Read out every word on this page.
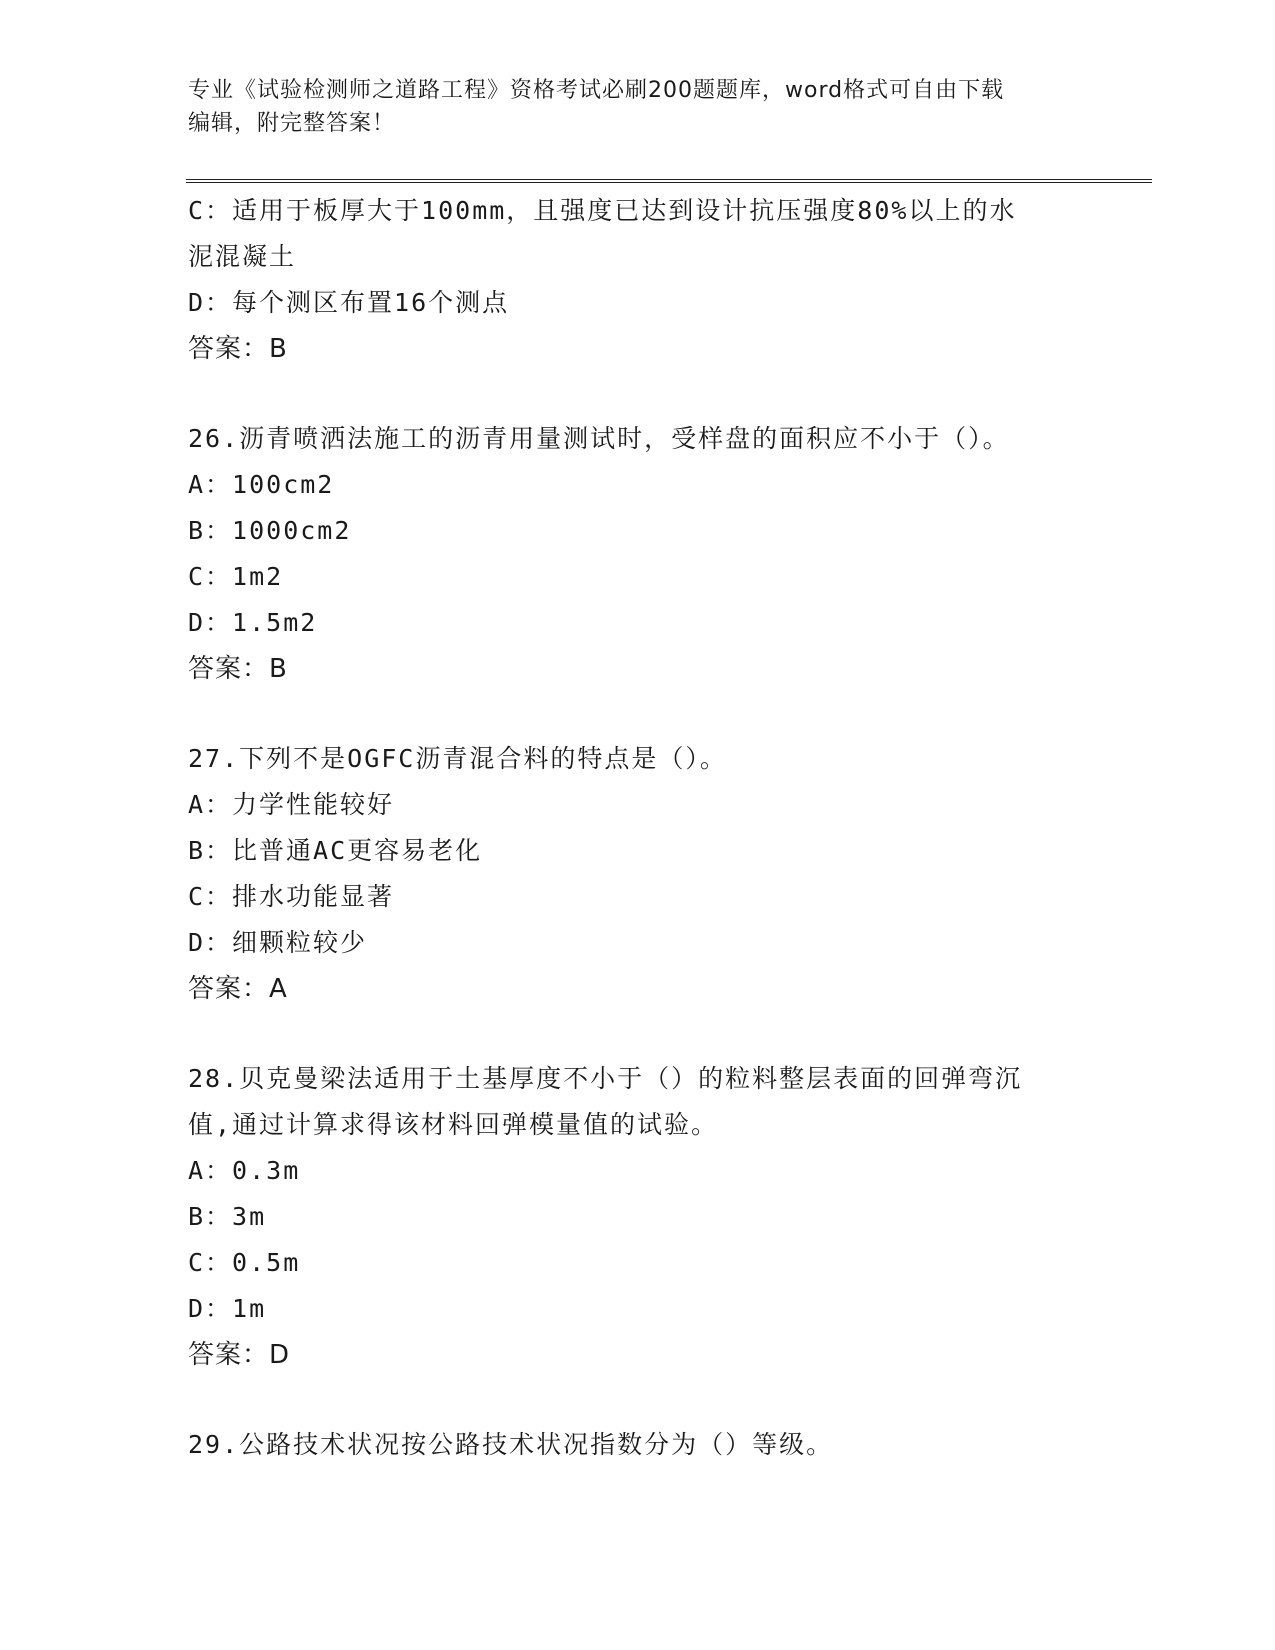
专业《试验检测师之道路工程》资格考试必刷200题题库，word格式可自由下载
编辑，附完整答案！
C：适用于板厚大于100mm，且强度已达到设计抗压强度80%以上的水
泥混凝土
D：每个测区布置16个测点
答案：B
26.沥青喷洒法施工的沥青用量测试时，受样盘的面积应不小于（）。
A：100cm2
B：1000cm2
C：1m2
D：1.5m2
答案：B
27.下列不是OGFC沥青混合料的特点是（）。
A：力学性能较好
B：比普通AC更容易老化
C：排水功能显著
D：细颗粒较少
答案：A
28.贝克曼梁法适用于土基厚度不小于（）的粒料整层表面的回弹弯沉
值,通过计算求得该材料回弹模量值的试验。
A：0.3m
B：3m
C：0.5m
D：1m
答案：D
29.公路技术状况按公路技术状况指数分为（）等级。
